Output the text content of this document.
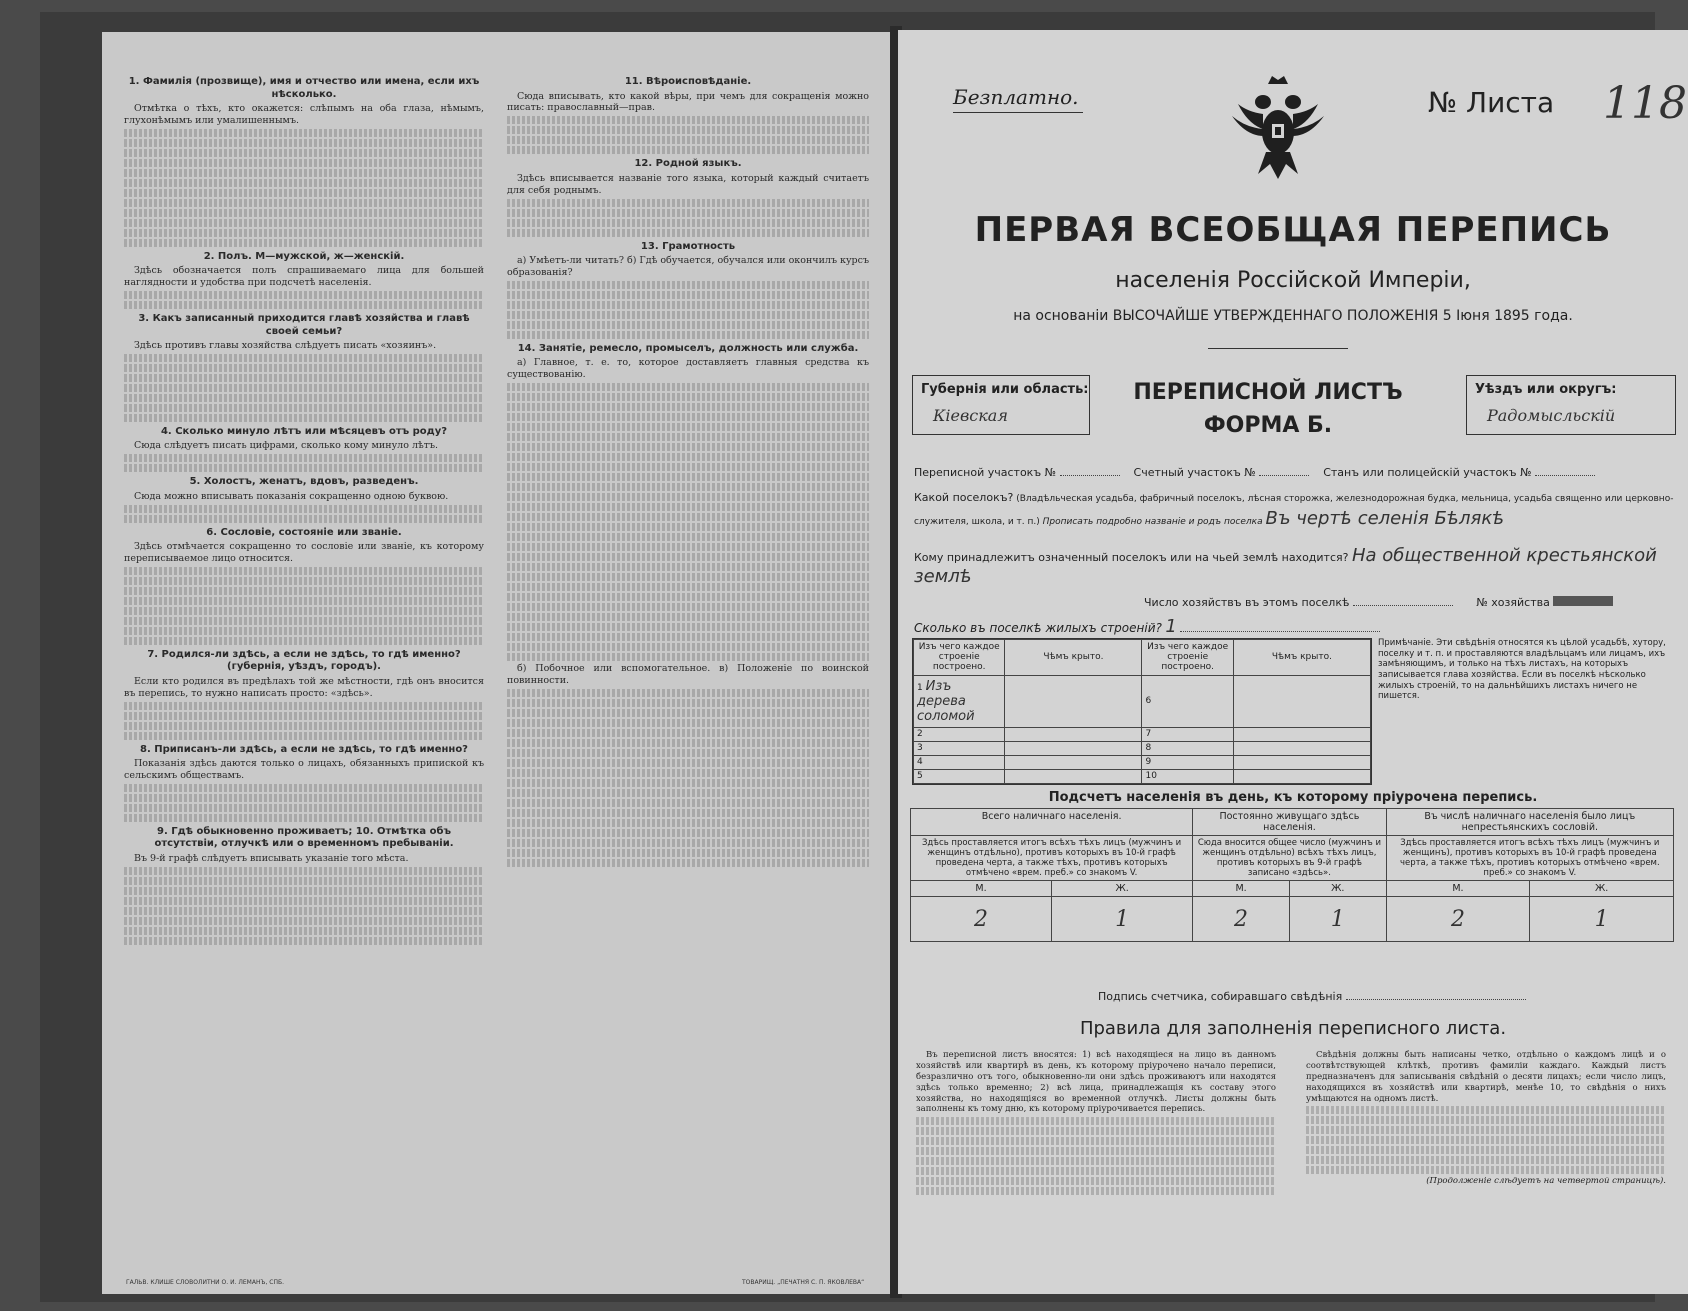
1. Фамилія (прозвище), имя и отчество или имена, если ихъ нѣсколько.

Отмѣтка о тѣхъ, кто окажется: слѣпымъ на оба глаза, нѣмымъ, глухонѣмымъ или умалишеннымъ.

2. Полъ. М—мужской, ж—женскій.

Здѣсь обозначается полъ спрашиваемаго лица для большей наглядности и удобства при подсчетѣ населенія.

3. Какъ записанный приходится главѣ хозяйства и главѣ своей семьи?

Здѣсь противъ главы хозяйства слѣдуетъ писать «хозяинъ».

4. Сколько минуло лѣтъ или мѣсяцевъ отъ роду?

Сюда слѣдуетъ писать цифрами, сколько кому минуло лѣтъ.

5. Холостъ, женатъ, вдовъ, разведенъ.

Сюда можно вписывать показанія сокращенно одною буквою.

6. Сословіе, состояніе или званіе.

Здѣсь отмѣчается сокращенно то сословіе или званіе, къ которому переписываемое лицо относится.

7. Родился-ли здѣсь, а если не здѣсь, то гдѣ именно? (губернія, уѣздъ, городъ).

Если кто родился въ предѣлахъ той же мѣстности, гдѣ онъ вносится въ перепись, то нужно написать просто: «здѣсь».

8. Приписанъ-ли здѣсь, а если не здѣсь, то гдѣ именно?

Показанія здѣсь дaются только о лицахъ, обязанныхъ припиской къ сельскимъ обществамъ.

9. Гдѣ обыкновенно проживаетъ; 10. Отмѣтка объ отсутствіи, отлучкѣ или о временномъ пребываніи.

Въ 9-й графѣ слѣдуетъ вписывать указаніе того мѣста.

11. Вѣроисповѣданіе.

Сюда вписывать, кто какой вѣры, при чемъ для сокращенія можно писать: православный—прав.

12. Родной языкъ.

Здѣсь вписывается названіе того языка, который каждый считаетъ для себя роднымъ.

13. Грамотность

а) Умѣетъ-ли читать? б) Гдѣ обучается, обучался или окончилъ курсъ образованія?

14. Занятіе, ремесло, промыселъ, должность или служба.

а) Главное, т. е. то, которое доставляетъ главныя средства къ существованію.

б) Побочное или вспомогательное. в) Положеніе по воинской повинности.

ГАЛЬВ. КЛИШЕ СЛОВОЛИТНИ О. И. ЛЕМАНЪ, СПБ.	ТОВАРИЩ. „ПЕЧАТНЯ С. П. ЯКОВЛЕВА“
Безплатно.	№ Листа 118
ПЕРВАЯ ВСЕОБЩАЯ ПЕРЕПИСЬ
населенія Россійской Имперіи,
на основаніи ВЫСОЧАЙШЕ УТВЕРЖДЕННАГО ПОЛОЖЕНІЯ 5 Іюня 1895 года.
Губернія или область:
Кіевская
ПЕРЕПИСНОЙ ЛИСТЪ
ФОРМА Б.
Уѣздъ или округъ:
Радомысльскій
Переписной участокъ №	Счетный участокъ №	Станъ или полицейскій участокъ №
Какой поселокъ? (Владѣльческая усадьба, фабричный поселокъ, лѣсная сторожка, железнодорожная будка, мельница, усадьба священно или церковно-служителя, школа, и т. п.) Прописать подробно названіе и родъ поселка Въ чертѣ селенія Бѣлякѣ
Кому принадлежитъ означенный поселокъ или на чьей землѣ находится? На общественной крестьянской землѣ
Число хозяйствъ въ этомъ поселкѣ	№ хозяйства
Сколько въ поселкѣ жилыхъ строеній? 1
Изъ чего каждое строеніе построено.	Чѣмъ крыто.	Изъ чего каждое строеніе построено.	Чѣмъ крыто.
1 Изъ дерева соломой		6	
2		7	
3		8	
4		9	
5		10	
Примѣчаніе. Эти свѣдѣнія относятся къ цѣлой усадьбѣ, хутору, поселку и т. п. и проставляются владѣльцамъ или лицамъ, ихъ замѣняющимъ, и только на тѣхъ листахъ, на которыхъ записывается глава хозяйства. Если въ поселкѣ нѣсколько жилыхъ строеній, то на дальнѣйшихъ листахъ ничего не пишется.
Подсчетъ населенія въ день, къ которому пріурочена перепись.
Всего наличнаго населенія.		Постоянно живущаго здѣсь населенія.		Въ числѣ наличнаго населенія было лицъ непрестьянскихъ сословій.	
Здѣсь проставляется итогъ всѣхъ тѣхъ лицъ (мужчинъ и женщинъ отдѣльно), противъ которыхъ въ 10-й графѣ проведена черта, а также тѣхъ, противъ которыхъ отмѣчено «врем. преб.» со знакомъ V.		Сюда вносится общее число (мужчинъ и женщинъ отдѣльно) всѣхъ тѣхъ лицъ, противъ которыхъ въ 9-й графѣ записано «здѣсь».		Здѣсь проставляется итогъ всѣхъ тѣхъ лицъ (мужчинъ и женщинъ), противъ которыхъ въ 10-й графѣ проведена черта, а также тѣхъ, противъ которыхъ отмѣчено «врем. преб.» со знакомъ V.	
М.	Ж.	М.	Ж.	М.	Ж.
2	1	2	1	2	1
Подпись счетчика, собиравшаго свѣдѣнія
Правила для заполненія переписного листа.

Въ переписной листъ вносятся: 1) всѣ находящіеся на лицо въ данномъ хозяйствѣ или квартирѣ въ день, къ которому пріурочено начало переписи, безразлично отъ того, обыкновенно-ли они здѣсь проживаютъ или находятся здѣсь только временно; 2) всѣ лица, принадлежащія къ составу этого хозяйства, но находящіяся во временной отлучкѣ. Листы должны быть заполнены къ тому дню, къ которому пріурочивается перепись.

Свѣдѣнія должны быть написаны четко, отдѣльно о каждомъ лицѣ и о соотвѣтствующей клѣткѣ, противъ фамиліи каждаго. Каждый листъ предназначенъ для записыванія свѣдѣній о десяти лицахъ; если число лицъ, находящихся въ хозяйствѣ или квартирѣ, менѣе 10, то свѣдѣнія о нихъ умѣщаются на одномъ листѣ.

(Продолженіе слѣдуетъ на четвертой страницѣ).
